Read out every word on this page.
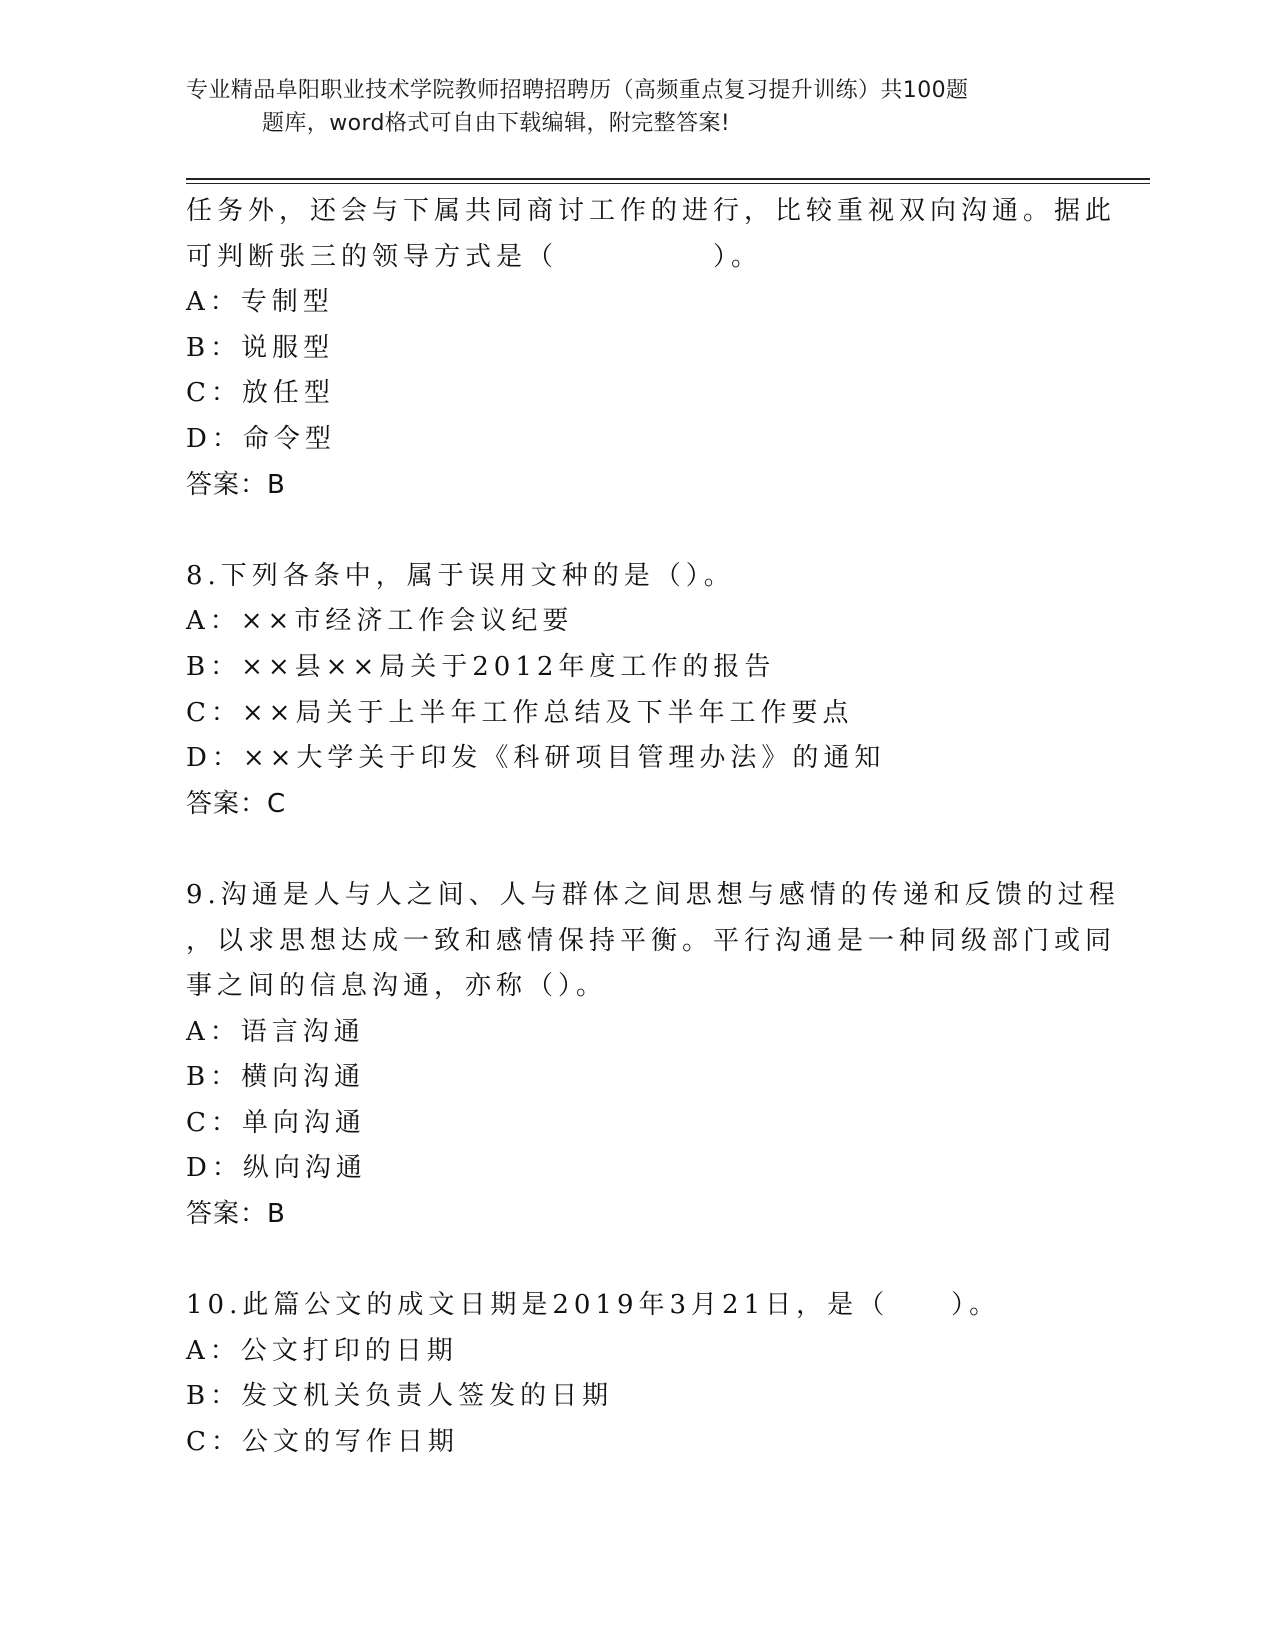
专业精品阜阳职业技术学院教师招聘招聘历（高频重点复习提升训练）共100题
题库，word格式可自由下载编辑，附完整答案!
任务外，还会与下属共同商讨工作的进行，比较重视双向沟通。据此
可判断张三的领导方式是（　　　　　）。
A：专制型
B：说服型
C：放任型
D：命令型
答案：B
8.下列各条中，属于误用文种的是（）。
A：××市经济工作会议纪要
B：××县××局关于2012年度工作的报告
C：××局关于上半年工作总结及下半年工作要点
D：××大学关于印发《科研项目管理办法》的通知
答案：C
9.沟通是人与人之间、人与群体之间思想与感情的传递和反馈的过程
，以求思想达成一致和感情保持平衡。平行沟通是一种同级部门或同
事之间的信息沟通，亦称（）。
A：语言沟通
B：横向沟通
C：单向沟通
D：纵向沟通
答案：B
10.此篇公文的成文日期是2019年3月21日，是（　　）。
A：公文打印的日期
B：发文机关负责人签发的日期
C：公文的写作日期
